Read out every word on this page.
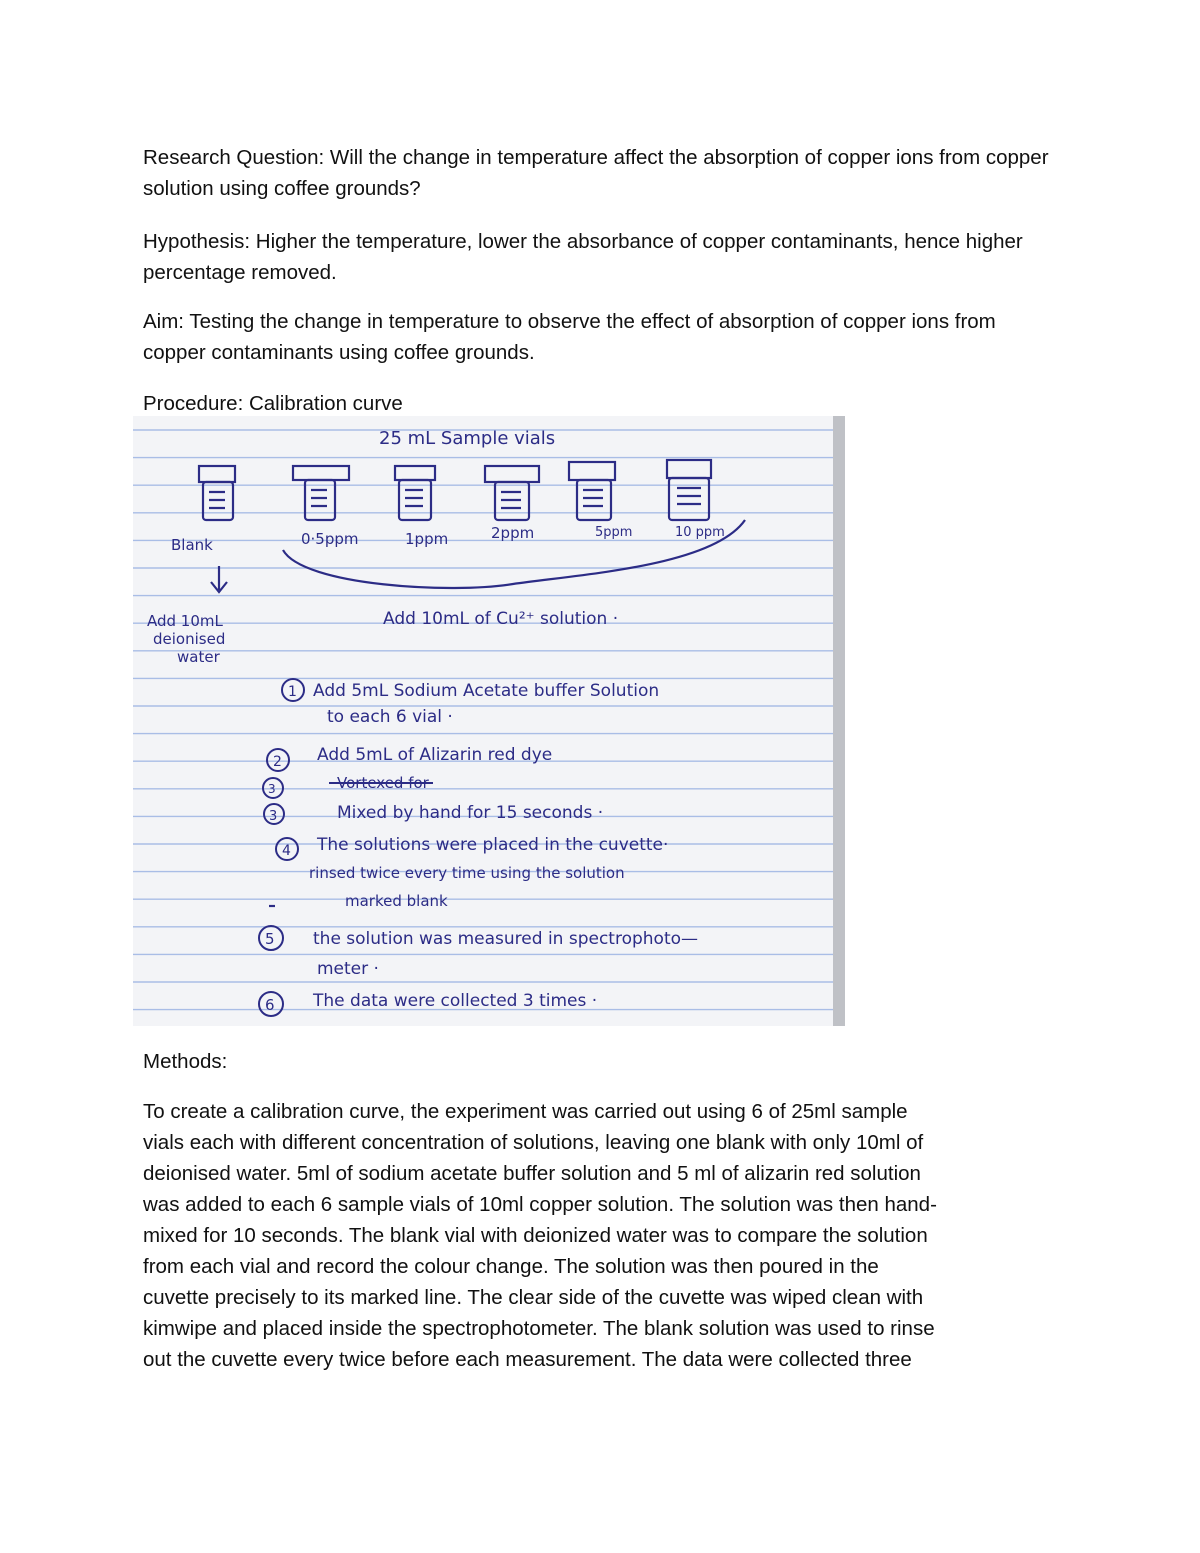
Research Question: Will the change in temperature affect the absorption of copper ions from copper solution using coffee grounds?

Hypothesis: Higher the temperature, lower the absorbance of copper contaminants, hence higher percentage removed.

Aim: Testing the change in temperature to observe the effect of absorption of copper ions from copper contaminants using coffee grounds.

Procedure: Calibration curve

25 mL Sample vials
Blank	0·5ppm	1ppm	2ppm	5ppm	10 ppm
Add 10mL
deionised
water
Add 10mL of Cu²⁺ solution ·
1 Add 5mL Sodium Acetate buffer Solution
to each 6 vial ·
2 Add 5mL of Alizarin red dye
3	Vortexed for
3	Mixed by hand for 15 seconds ·
4 The solutions were placed in the cuvette·
rinsed twice every time using the solution
marked blank
5 the solution was measured in spectrophoto—
meter ·
6 The data were collected 3 times ·

Methods:

To create a calibration curve, the experiment was carried out using 6 of 25ml sample

vials each with different concentration of solutions, leaving one blank with only 10ml of

deionised water. 5ml of sodium acetate buffer solution and 5 ml of alizarin red solution

was added to each 6 sample vials of 10ml copper solution. The solution was then hand-

mixed for 10 seconds. The blank vial with deionized water was to compare the solution

from each vial and record the colour change. The solution was then poured in the

cuvette precisely to its marked line. The clear side of the cuvette was wiped clean with

kimwipe and placed inside the spectrophotometer. The blank solution was used to rinse

out the cuvette every twice before each measurement. The data were collected three
